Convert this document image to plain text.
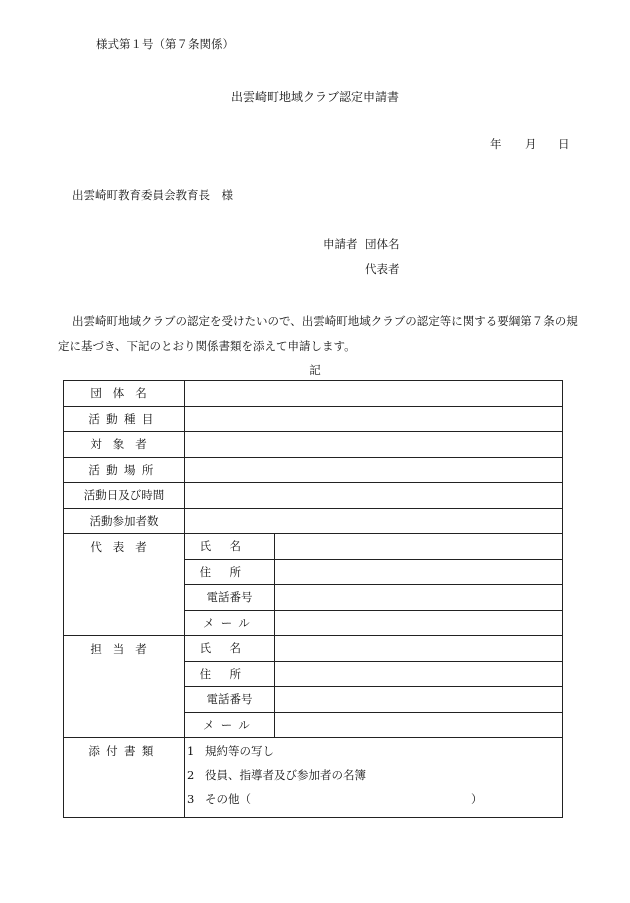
様式第１号（第７条関係）
出雲崎町地域クラブ認定申請書
年 月 日
出雲崎町教育委員会教育長　様
申請者 団体名
代表者
出雲崎町地域クラブの認定を受けたいので、出雲崎町地域クラブの認定等に関する要綱第７条の規
定に基づき、下記のとおり関係書類を添えて申請します。
記
団体名		
活動種目		
対象者		
活動場所		
活動日及び時間		
活動参加者数		
代表者	氏名	
	住所	
	電話番号	
	メール	
担当者	氏名	
	住所	
	電話番号	
	メール	
添付書類	1 規約等の写し
2 役員、指導者及び参加者の名簿
3 その他（ ）	
